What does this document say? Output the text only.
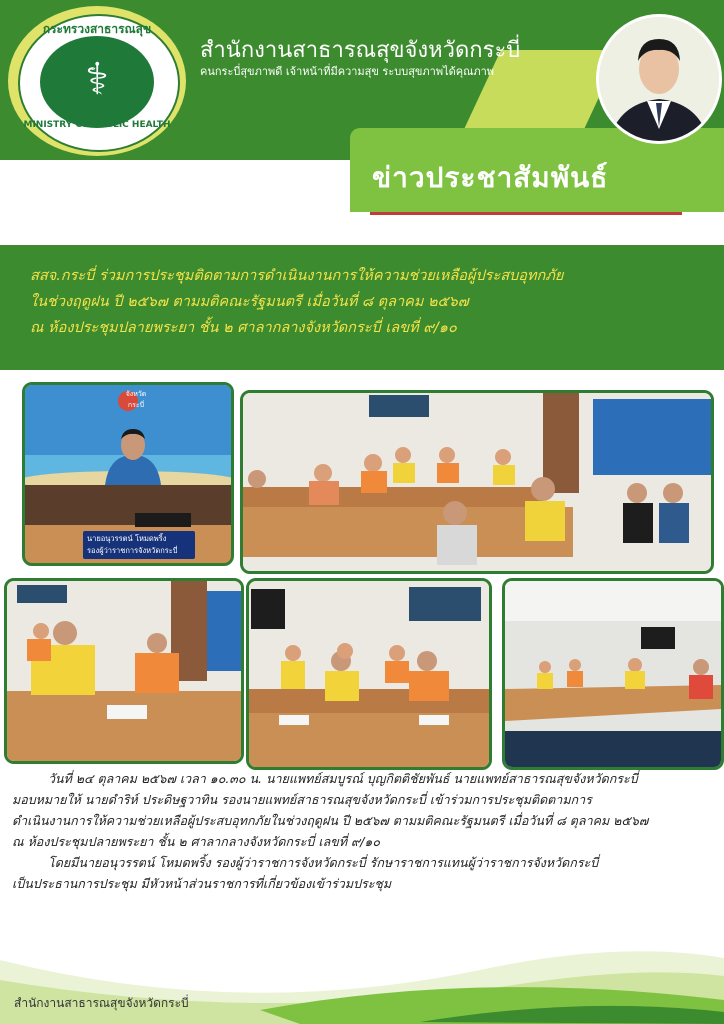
กระทรวงสาธารณสุข
⚕
MINISTRY OF PUBLIC HEALTH
สำนักงานสาธารณสุขจังหวัดกระบี่
คนกระบี่สุขภาพดี เจ้าหน้าที่มีความสุข ระบบสุขภาพได้คุณภาพ
ข่าวประชาสัมพันธ์
สสจ.กระบี่ ร่วมการประชุมติดตามการดำเนินงานการให้ความช่วยเหลือผู้ประสบอุทกภัย
ในช่วงฤดูฝน ปี ๒๕๖๗ ตามมติคณะรัฐมนตรี เมื่อวันที่ ๘ ตุลาคม ๒๕๖๗
ณ ห้องประชุมปลายพระยา ชั้น ๒ ศาลากลางจังหวัดกระบี่ เลขที่ ๙/๑๐
จังหวัดกระบี่
นายอนุวรรตน์ โหมดพริ้ง
รองผู้ว่าราชการจังหวัดกระบี่

วันที่ ๒๔ ตุลาคม ๒๕๖๗ เวลา ๑๐.๓๐ น. นายแพทย์สมบูรณ์ บุญกิตติชัยพันธ์ นายแพทย์สาธารณสุขจังหวัดกระบี่

มอบหมายให้ นายดำริห์ ประดิษฐวาทิน รองนายแพทย์สาธารณสุขจังหวัดกระบี่ เข้าร่วมการประชุมติดตามการ

ดำเนินงานการให้ความช่วยเหลือผู้ประสบอุทกภัยในช่วงฤดูฝน ปี ๒๕๖๗ ตามมติคณะรัฐมนตรี เมื่อวันที่ ๘ ตุลาคม ๒๕๖๗

ณ ห้องประชุมปลายพระยา ชั้น ๒ ศาลากลางจังหวัดกระบี่ เลขที่ ๙/๑๐

โดยมีนายอนุวรรตน์ โหมดพริ้ง รองผู้ว่าราชการจังหวัดกระบี่ รักษาราชการแทนผู้ว่าราชการจังหวัดกระบี่

เป็นประธานการประชุม มีหัวหน้าส่วนราชการที่เกี่ยวข้องเข้าร่วมประชุม

สำนักงานสาธารณสุขจังหวัดกระบี่
